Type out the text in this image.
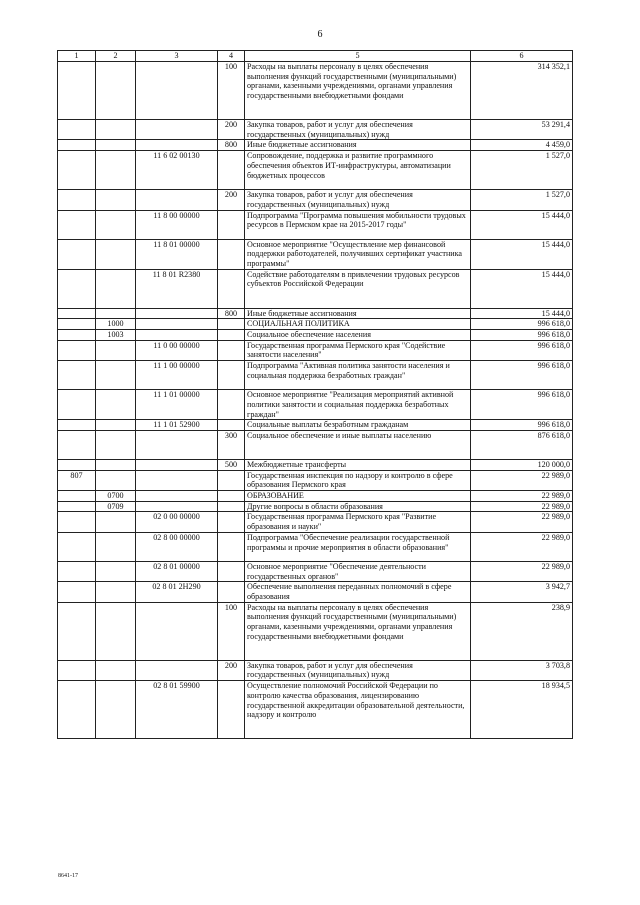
6
1	2	3	4	5	6
			100	Расходы на выплаты персоналу в целях обеспечения выполнения функций государственными (муниципальными) органами, казенными учреждениями, органами управления государственными внебюджетными фондами	314 352,1
			200	Закупка товаров, работ и услуг для обеспечения государственных (муниципальных) нужд	53 291,4
			800	Иные бюджетные ассигнования	4 459,0
		11 6 02 00130		Сопровождение, поддержка и развитие программного обеспечения объектов ИТ-инфраструктуры, автоматизации бюджетных процессов	1 527,0
			200	Закупка товаров, работ и услуг для обеспечения государственных (муниципальных) нужд	1 527,0
		11 8 00 00000		Подпрограмма "Программа повышения мобильности трудовых ресурсов в Пермском крае на 2015-2017 годы"	15 444,0
		11 8 01 00000		Основное мероприятие "Осуществление мер финансовой поддержки работодателей, получивших сертификат участника программы"	15 444,0
		11 8 01 R2380		Содействие работодателям в привлечении трудовых ресурсов субъектов Российской Федерации	15 444,0
			800	Иные бюджетные ассигнования	15 444,0
	1000			СОЦИАЛЬНАЯ ПОЛИТИКА	996 618,0
	1003			Социальное обеспечение населения	996 618,0
		11 0 00 00000		Государственная программа Пермского края "Содействие занятости населения"	996 618,0
		11 1 00 00000		Подпрограмма "Активная политика занятости населения и социальная поддержка безработных граждан"	996 618,0
		11 1 01 00000		Основное мероприятие "Реализация мероприятий активной политики занятости и социальная поддержка безработных граждан"	996 618,0
		11 1 01 52900		Социальные выплаты безработным гражданам	996 618,0
			300	Социальное обеспечение и иные выплаты населению	876 618,0
			500	Межбюджетные трансферты	120 000,0
807				Государственная инспекция по надзору и контролю в сфере образования Пермского края	22 989,0
	0700			ОБРАЗОВАНИЕ	22 989,0
	0709			Другие вопросы в области образования	22 989,0
		02 0 00 00000		Государственная программа Пермского края "Развитие образования и науки"	22 989,0
		02 8 00 00000		Подпрограмма "Обеспечение реализации государственной программы и прочие мероприятия в области образования"	22 989,0
		02 8 01 00000		Основное мероприятие "Обеспечение деятельности государственных органов"	22 989,0
		02 8 01 2Н290		Обеспечение выполнения переданных полномочий в сфере образования	3 942,7
			100	Расходы на выплаты персоналу в целях обеспечения выполнения функций государственными (муниципальными) органами, казенными учреждениями, органами управления государственными внебюджетными фондами	238,9
			200	Закупка товаров, работ и услуг для обеспечения государственных (муниципальных) нужд	3 703,8
		02 8 01 59900		Осуществление полномочий Российской Федерации по контролю качества образования, лицензированию государственной аккредитации образовательной деятельности, надзору и контролю	18 934,5
8641-17
